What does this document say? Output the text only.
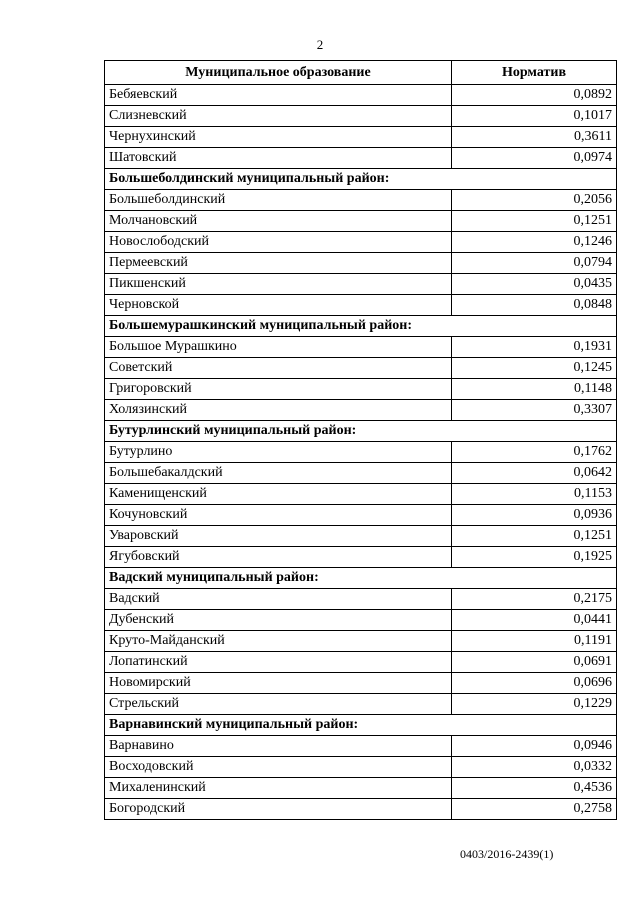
2
Муниципальное образование	Норматив
Бебяевский	0,0892
Слизневский	0,1017
Чернухинский	0,3611
Шатовский	0,0974
Большеболдинский муниципальный район:	
Большеболдинский	0,2056
Молчановский	0,1251
Новослободский	0,1246
Пермеевский	0,0794
Пикшенский	0,0435
Черновской	0,0848
Большемурашкинский муниципальный район:	
Большое Мурашкино	0,1931
Советский	0,1245
Григоровский	0,1148
Холязинский	0,3307
Бутурлинский муниципальный район:	
Бутурлино	0,1762
Большебакалдский	0,0642
Каменищенский	0,1153
Кочуновский	0,0936
Уваровский	0,1251
Ягубовский	0,1925
Вадский муниципальный район:	
Вадский	0,2175
Дубенский	0,0441
Круто-Майданский	0,1191
Лопатинский	0,0691
Новомирский	0,0696
Стрельский	0,1229
Варнавинский муниципальный район:	
Варнавино	0,0946
Восходовский	0,0332
Михаленинский	0,4536
Богородский	0,2758
0403/2016-2439(1)
